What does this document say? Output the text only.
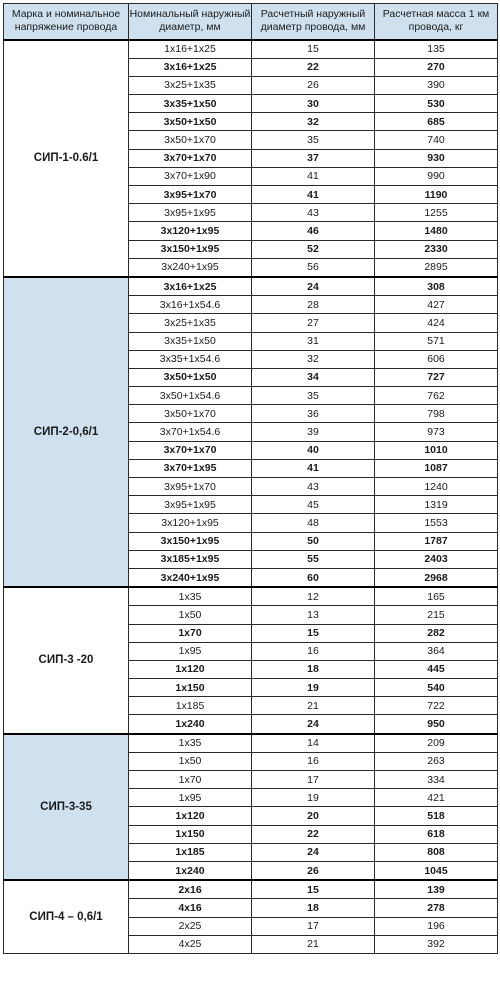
Марка и номинальное напряжение провода	Номинальный наружный диаметр, мм	Расчетный наружный диаметр провода, мм	Расчетная масса 1 км провода, кг
СИП-1-0.6/1	1x16+1x25	15	135
	3x16+1x25	22	270
	3x25+1x35	26	390
	3x35+1x50	30	530
	3x50+1x50	32	685
	3x50+1x70	35	740
	3x70+1x70	37	930
	3x70+1x90	41	990
	3x95+1x70	41	1190
	3x95+1x95	43	1255
	3x120+1x95	46	1480
	3x150+1x95	52	2330
	3x240+1x95	56	2895
СИП-2-0,6/1	3x16+1x25	24	308
	3x16+1x54.6	28	427
	3x25+1x35	27	424
	3x35+1x50	31	571
	3x35+1x54.6	32	606
	3x50+1x50	34	727
	3x50+1x54.6	35	762
	3x50+1x70	36	798
	3x70+1x54.6	39	973
	3x70+1x70	40	1010
	3x70+1x95	41	1087
	3x95+1x70	43	1240
	3x95+1x95	45	1319
	3x120+1x95	48	1553
	3x150+1x95	50	1787
	3x185+1x95	55	2403
	3x240+1x95	60	2968
СИП-3 -20	1x35	12	165
	1x50	13	215
	1x70	15	282
	1x95	16	364
	1x120	18	445
	1x150	19	540
	1x185	21	722
	1x240	24	950
СИП-3-35	1x35	14	209
	1x50	16	263
	1x70	17	334
	1x95	19	421
	1x120	20	518
	1x150	22	618
	1x185	24	808
	1x240	26	1045
СИП-4 – 0,6/1	2x16	15	139
	4x16	18	278
	2x25	17	196
	4x25	21	392
